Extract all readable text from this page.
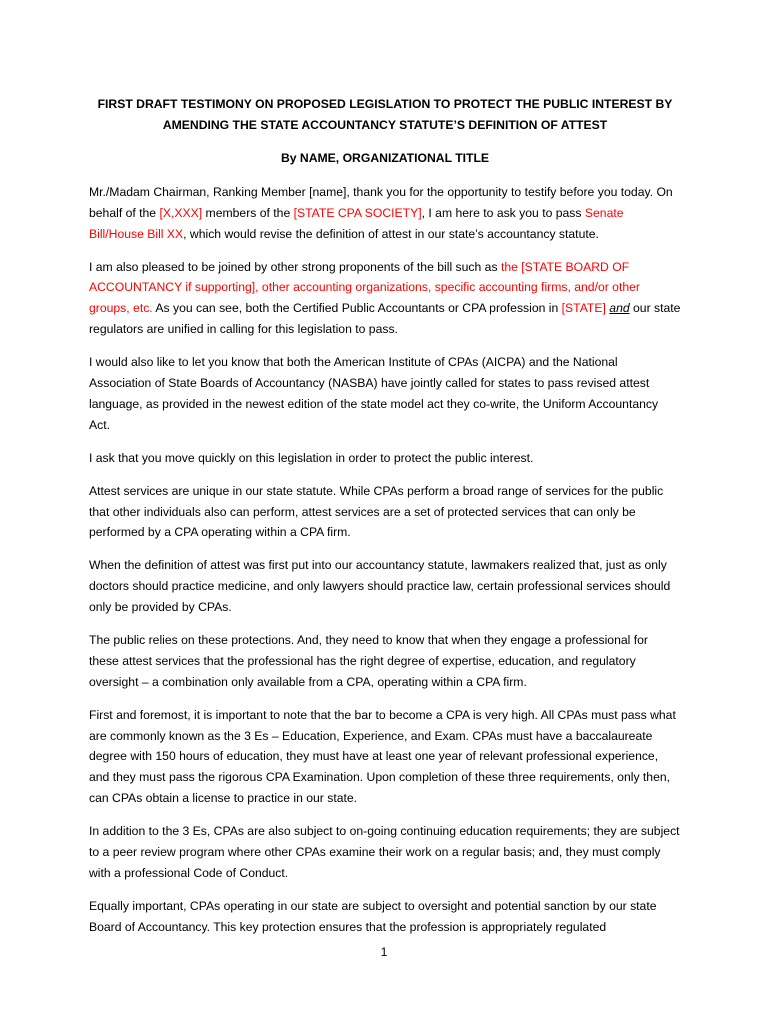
FIRST DRAFT TESTIMONY ON PROPOSED LEGISLATION TO PROTECT THE PUBLIC INTEREST BY
AMENDING THE STATE ACCOUNTANCY STATUTE’S DEFINITION OF ATTEST

By NAME, ORGANIZATIONAL TITLE

Mr./Madam Chairman, Ranking Member [name], thank you for the opportunity to testify before you today. On behalf of the [X,XXX] members of the [STATE CPA SOCIETY], I am here to ask you to pass Senate Bill/House Bill XX, which would revise the definition of attest in our state’s accountancy statute.

I am also pleased to be joined by other strong proponents of the bill such as the [STATE BOARD OF ACCOUNTANCY if supporting], other accounting organizations, specific accounting firms, and/or other groups, etc. As you can see, both the Certified Public Accountants or CPA profession in [STATE] and our state regulators are unified in calling for this legislation to pass.

I would also like to let you know that both the American Institute of CPAs (AICPA) and the National Association of State Boards of Accountancy (NASBA) have jointly called for states to pass revised attest language, as provided in the newest edition of the state model act they co-write, the Uniform Accountancy Act.

I ask that you move quickly on this legislation in order to protect the public interest.

Attest services are unique in our state statute. While CPAs perform a broad range of services for the public that other individuals also can perform, attest services are a set of protected services that can only be performed by a CPA operating within a CPA firm.

When the definition of attest was first put into our accountancy statute, lawmakers realized that, just as only doctors should practice medicine, and only lawyers should practice law, certain professional services should only be provided by CPAs.

The public relies on these protections. And, they need to know that when they engage a professional for these attest services that the professional has the right degree of expertise, education, and regulatory oversight – a combination only available from a CPA, operating within a CPA firm.

First and foremost, it is important to note that the bar to become a CPA is very high. All CPAs must pass what are commonly known as the 3 Es – Education, Experience, and Exam. CPAs must have a baccalaureate degree with 150 hours of education, they must have at least one year of relevant professional experience, and they must pass the rigorous CPA Examination. Upon completion of these three requirements, only then, can CPAs obtain a license to practice in our state.

In addition to the 3 Es, CPAs are also subject to on-going continuing education requirements; they are subject to a peer review program where other CPAs examine their work on a regular basis; and, they must comply with a professional Code of Conduct.

Equally important, CPAs operating in our state are subject to oversight and potential sanction by our state Board of Accountancy. This key protection ensures that the profession is appropriately regulated

1
